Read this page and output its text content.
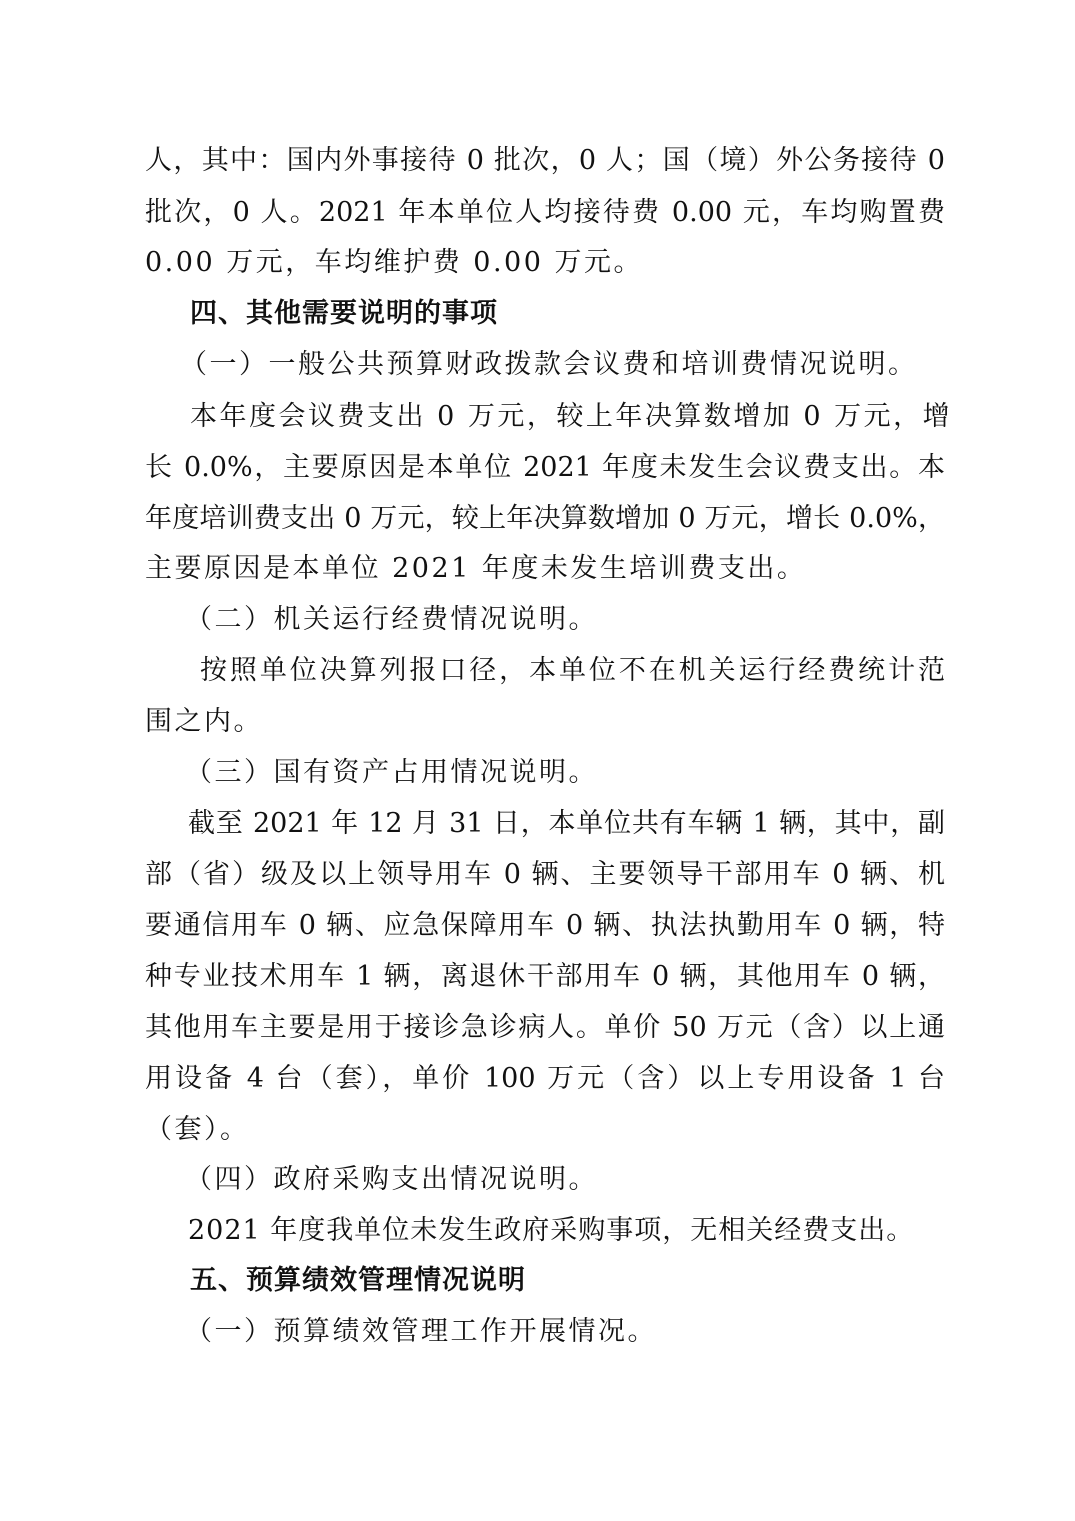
人，其中：国内外事接待 0 批次，0 人；国（境）外公务接待 0
批次，0 人。2021 年本单位人均接待费 0.00 元，车均购置费
0.00 万元，车均维护费 0.00 万元。
四、其他需要说明的事项
（一）一般公共预算财政拨款会议费和培训费情况说明。
本年度会议费支出 0 万元，较上年决算数增加 0 万元，增
长 0.0%，主要原因是本单位 2021 年度未发生会议费支出。本
年度培训费支出 0 万元，较上年决算数增加 0 万元，增长 0.0%，
主要原因是本单位 2021 年度未发生培训费支出。
（二）机关运行经费情况说明。
按照单位决算列报口径，本单位不在机关运行经费统计范
围之内。
（三）国有资产占用情况说明。
截至 2021 年 12 月 31 日，本单位共有车辆 1 辆，其中，副
部（省）级及以上领导用车 0 辆、主要领导干部用车 0 辆、机
要通信用车 0 辆、应急保障用车 0 辆、执法执勤用车 0 辆，特
种专业技术用车 1 辆，离退休干部用车 0 辆，其他用车 0 辆，
其他用车主要是用于接诊急诊病人。单价 50 万元（含）以上通
用设备 4 台（套），单价 100 万元（含）以上专用设备 1 台
（套）。
（四）政府采购支出情况说明。
2021 年度我单位未发生政府采购事项，无相关经费支出。
五、预算绩效管理情况说明
（一）预算绩效管理工作开展情况。
